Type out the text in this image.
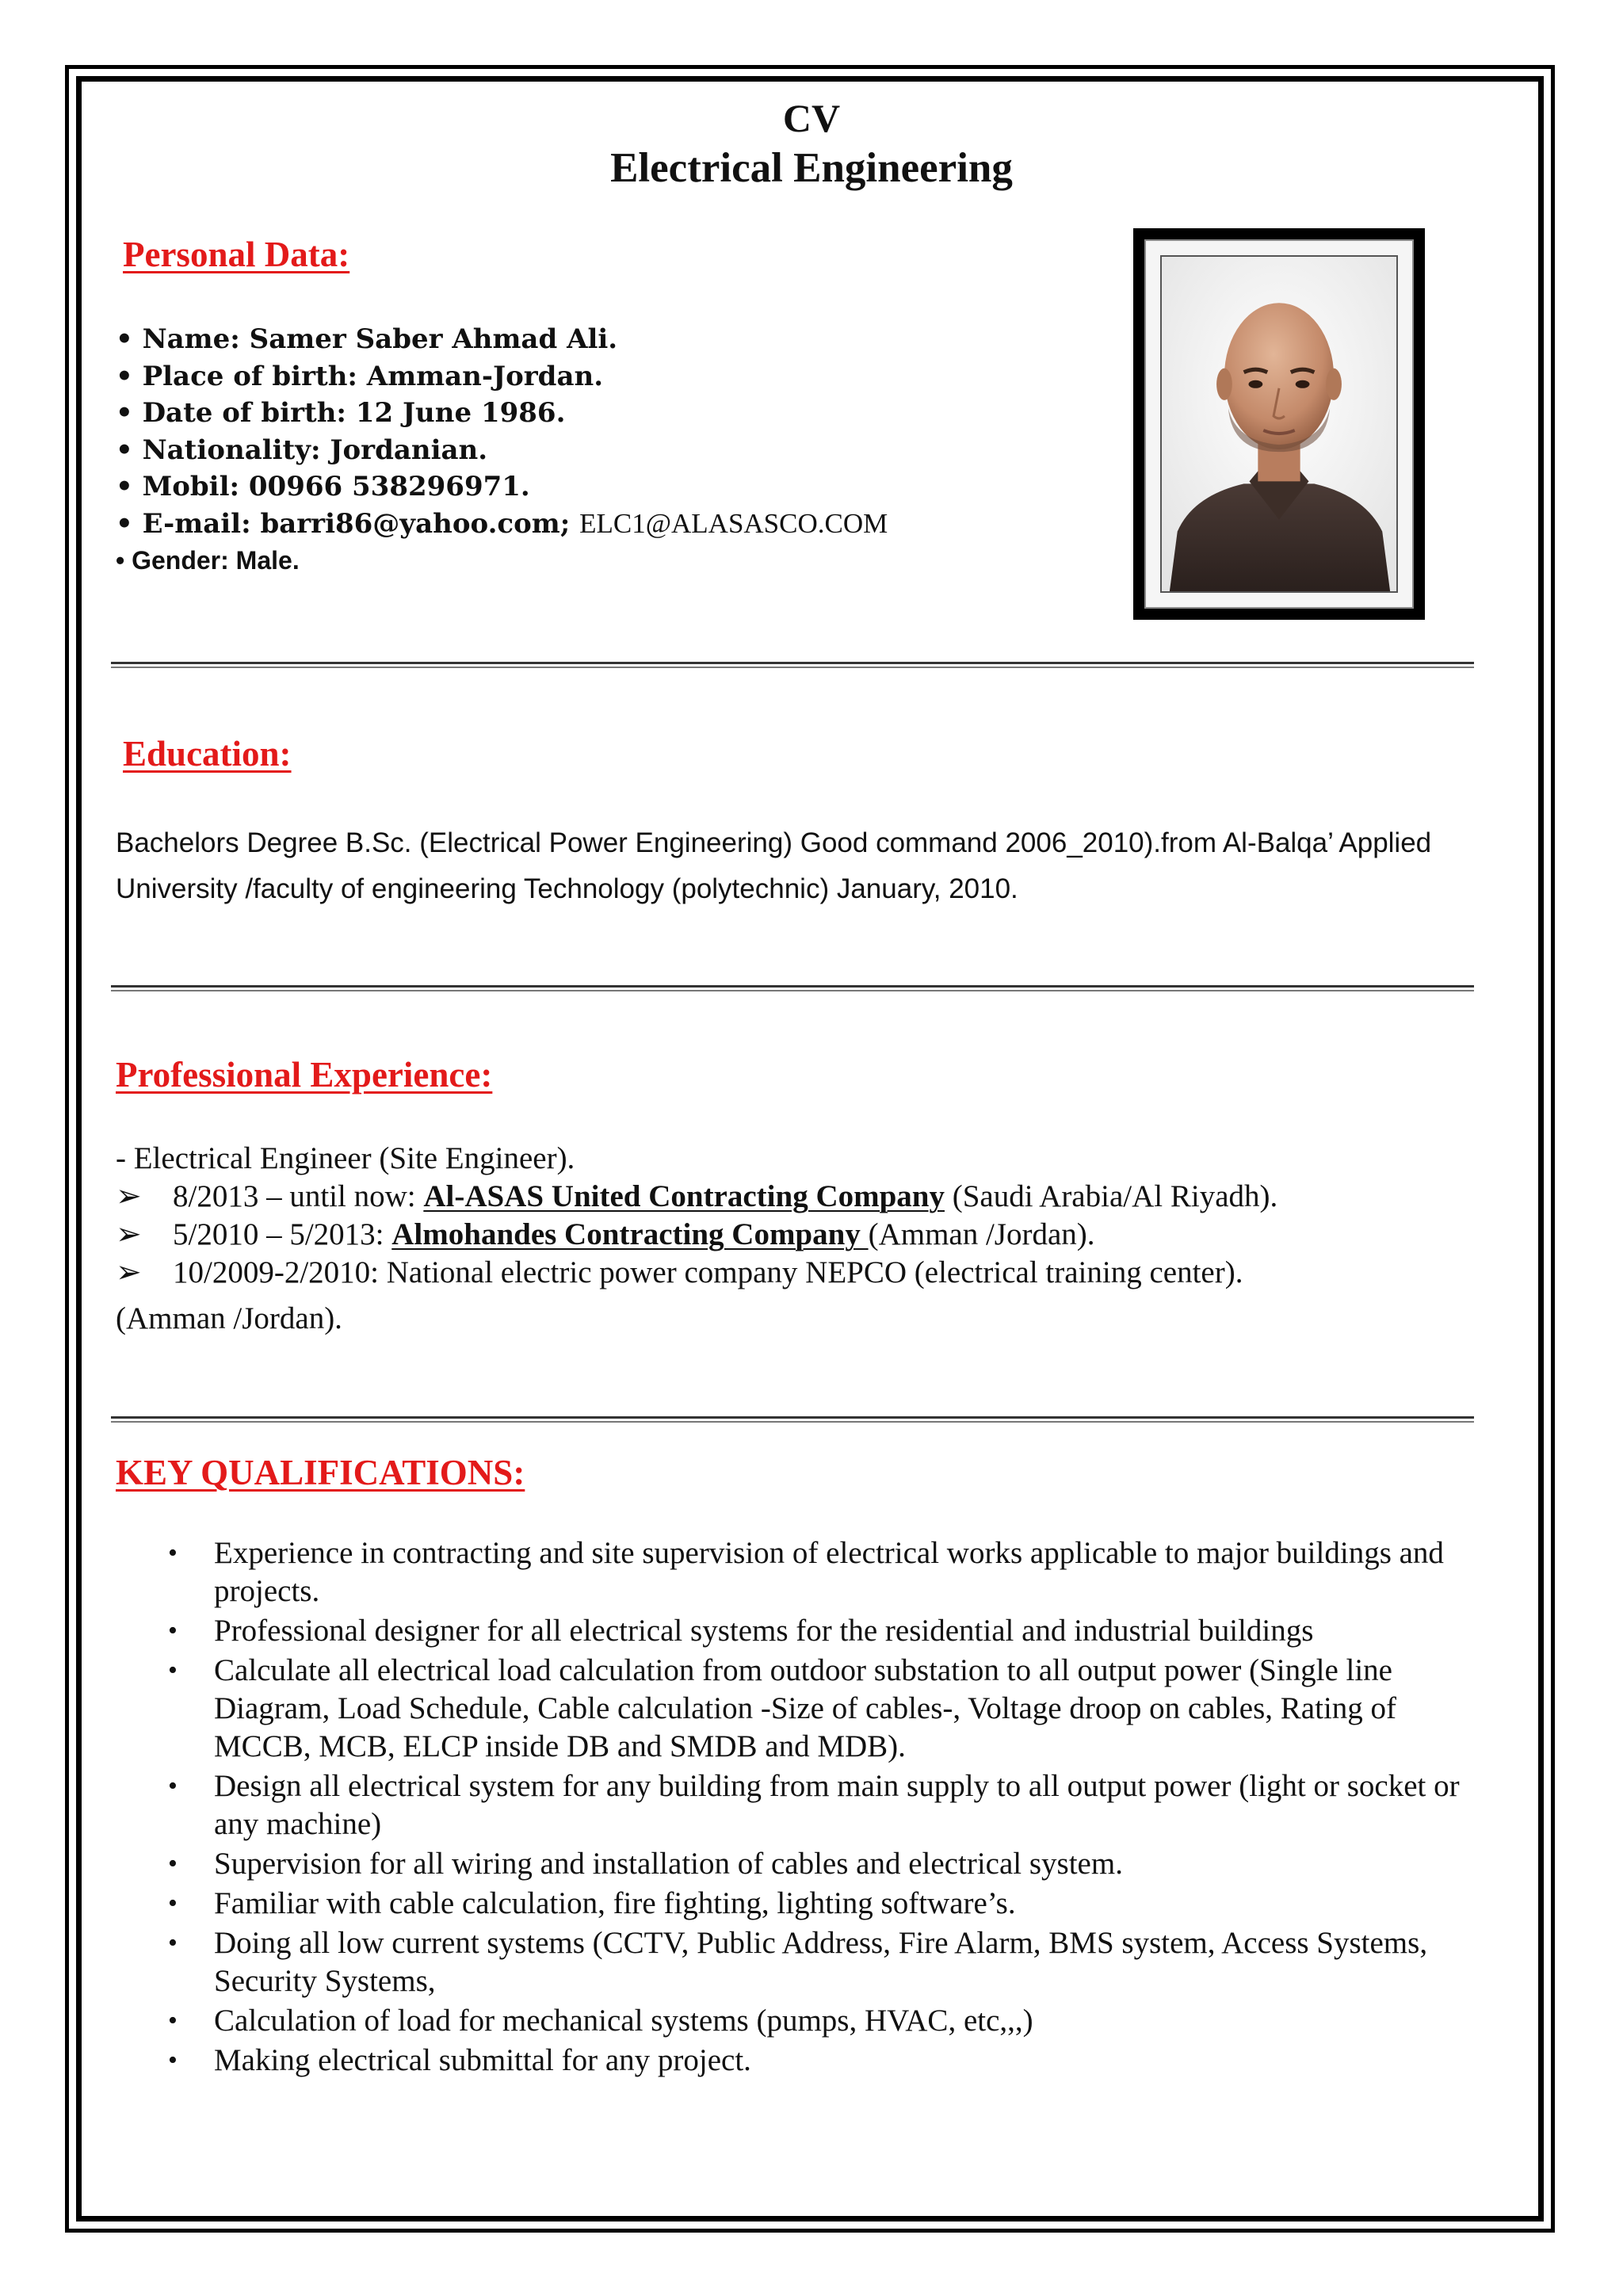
CV
Electrical Engineering
Personal Data:
• Name: Samer Saber Ahmad Ali.
• Place of birth: Amman-Jordan.
• Date of birth: 12 June 1986.
• Nationality: Jordanian.
• Mobil: 00966 538296971.
• E-mail: barri86@yahoo.com; ELC1@ALASASCO.COM
• Gender: Male.
Education:
Bachelors Degree B.Sc. (Electrical Power Engineering) Good command 2006_2010).from Al-Balqa’ Applied University /faculty of engineering Technology (polytechnic) January, 2010.
Professional Experience:
- Electrical Engineer (Site Engineer).
➢ 8/2013 – until now: Al-ASAS United Contracting Company (Saudi Arabia/Al Riyadh).
➢ 5/2010 – 5/2013: Almohandes Contracting Company (Amman /Jordan).
➢ 10/2009-2/2010: National electric power company NEPCO (electrical training center).
(Amman /Jordan).
KEY QUALIFICATIONS:
• Experience in contracting and site supervision of electrical works applicable to major buildings and projects.
• Professional designer for all electrical systems for the residential and industrial buildings
• Calculate all electrical load calculation from outdoor substation to all output power (Single line Diagram, Load Schedule, Cable calculation -Size of cables-, Voltage droop on cables, Rating of MCCB, MCB, ELCP inside DB and SMDB and MDB).
• Design all electrical system for any building from main supply to all output power (light or socket or any machine)
• Supervision for all wiring and installation of cables and electrical system.
• Familiar with cable calculation, fire fighting, lighting software’s.
• Doing all low current systems (CCTV, Public Address, Fire Alarm, BMS system, Access Systems, Security Systems,
• Calculation of load for mechanical systems (pumps, HVAC, etc,,,)
• Making electrical submittal for any project.
